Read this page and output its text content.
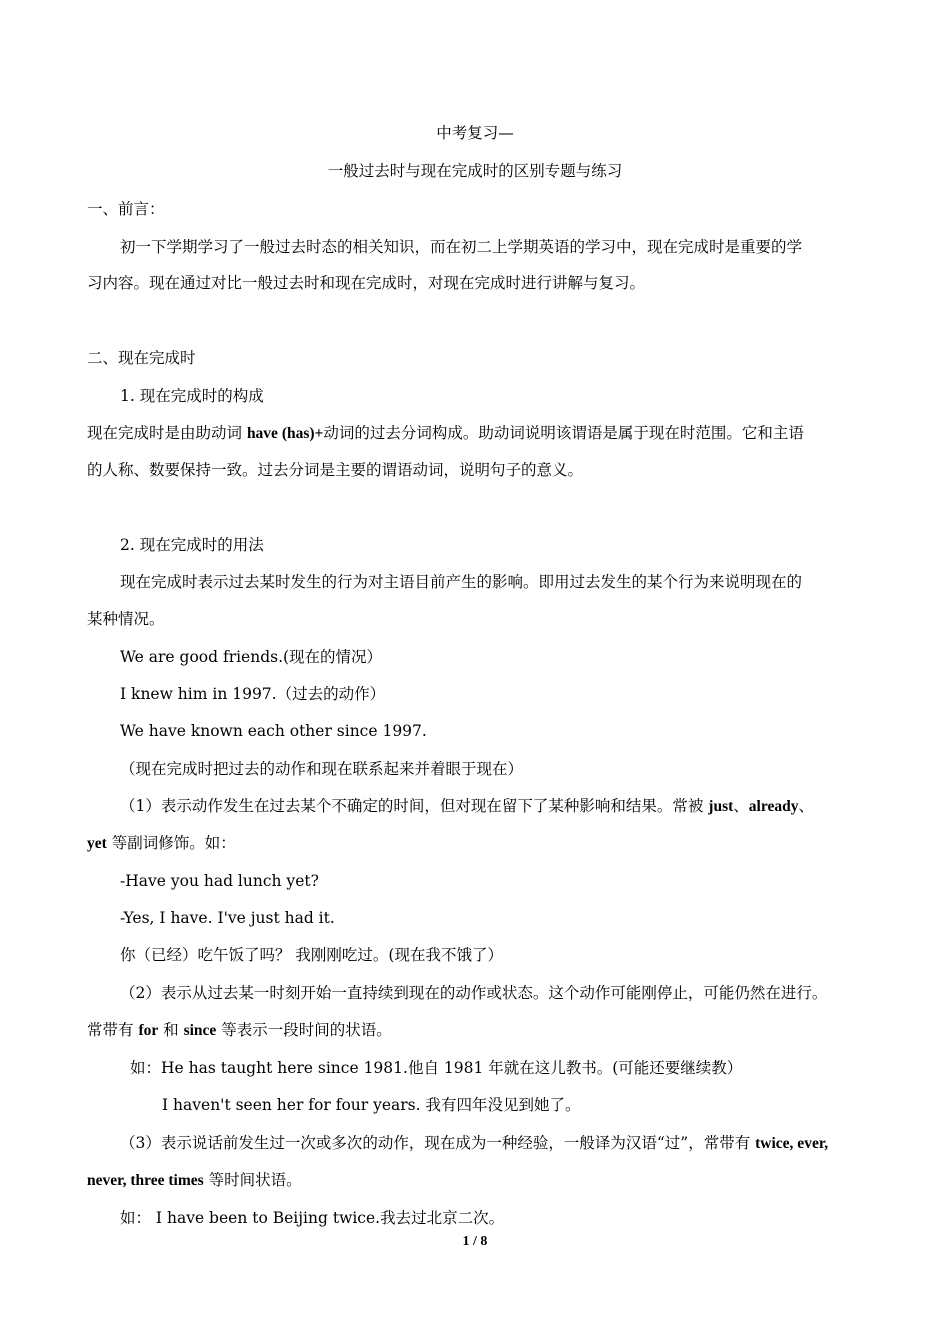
中考复习—
一般过去时与现在完成时的区别专题与练习
一、前言：
初一下学期学习了一般过去时态的相关知识，而在初二上学期英语的学习中，现在完成时是重要的学
习内容。现在通过对比一般过去时和现在完成时，对现在完成时进行讲解与复习。
二、现在完成时
1. 现在完成时的构成
现在完成时是由助动词 have (has)+动词的过去分词构成。助动词说明该谓语是属于现在时范围。它和主语
的人称、数要保持一致。过去分词是主要的谓语动词，说明句子的意义。
2. 现在完成时的用法
现在完成时表示过去某时发生的行为对主语目前产生的影响。即用过去发生的某个行为来说明现在的
某种情况。
We are good friends.(现在的情况）
I knew him in 1997.（过去的动作）
We have known each other since 1997.
（现在完成时把过去的动作和现在联系起来并着眼于现在）
（1）表示动作发生在过去某个不确定的时间，但对现在留下了某种影响和结果。常被 just、already、
yet 等副词修饰。如：
-Have you had lunch yet?
-Yes, I have. I've just had it.
你（已经）吃午饭了吗？ 我刚刚吃过。(现在我不饿了）
（2）表示从过去某一时刻开始一直持续到现在的动作或状态。这个动作可能刚停止，可能仍然在进行。
常带有 for 和 since 等表示一段时间的状语。
如：He has taught here since 1981.他自 1981 年就在这儿教书。(可能还要继续教）
I haven't seen her for four years. 我有四年没见到她了。
（3）表示说话前发生过一次或多次的动作，现在成为一种经验，一般译为汉语“过”，常带有 twice, ever,
never, three times 等时间状语。
如： I have been to Beijing twice.我去过北京二次。
1 / 8
